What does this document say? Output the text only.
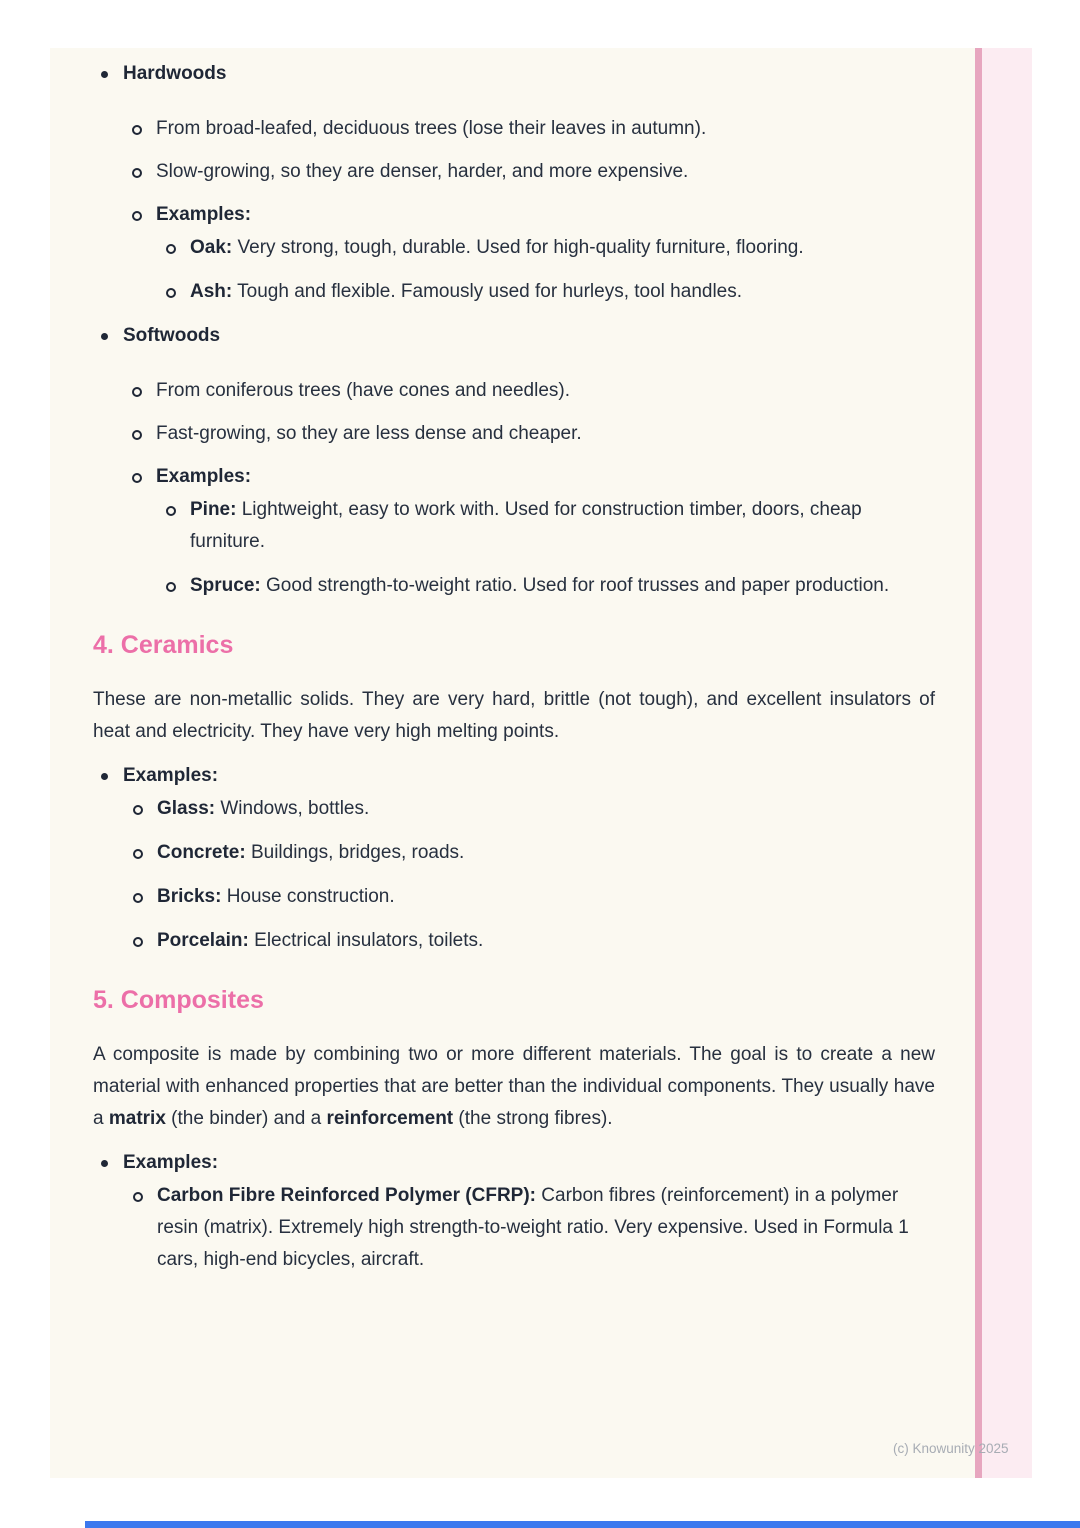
Hardwoods
From broad-leafed, deciduous trees (lose their leaves in autumn).
Slow-growing, so they are denser, harder, and more expensive.
Examples:
Oak: Very strong, tough, durable. Used for high-quality furniture, flooring.
Ash: Tough and flexible. Famously used for hurleys, tool handles.
Softwoods
From coniferous trees (have cones and needles).
Fast-growing, so they are less dense and cheaper.
Examples:
Pine: Lightweight, easy to work with. Used for construction timber, doors, cheap furniture.
Spruce: Good strength-to-weight ratio. Used for roof trusses and paper production.
4. Ceramics

These are non-metallic solids. They are very hard, brittle (not tough), and excellent insulators of heat and electricity. They have very high melting points.

Examples:
Glass: Windows, bottles.
Concrete: Buildings, bridges, roads.
Bricks: House construction.
Porcelain: Electrical insulators, toilets.
5. Composites

A composite is made by combining two or more different materials. The goal is to create a new material with enhanced properties that are better than the individual components. They usually have a matrix (the binder) and a reinforcement (the strong fibres).

Examples:
Carbon Fibre Reinforced Polymer (CFRP): Carbon fibres (reinforcement) in a polymer resin (matrix). Extremely high strength-to-weight ratio. Very expensive. Used in Formula 1 cars, high-end bicycles, aircraft.
(c) Knowunity 2025
